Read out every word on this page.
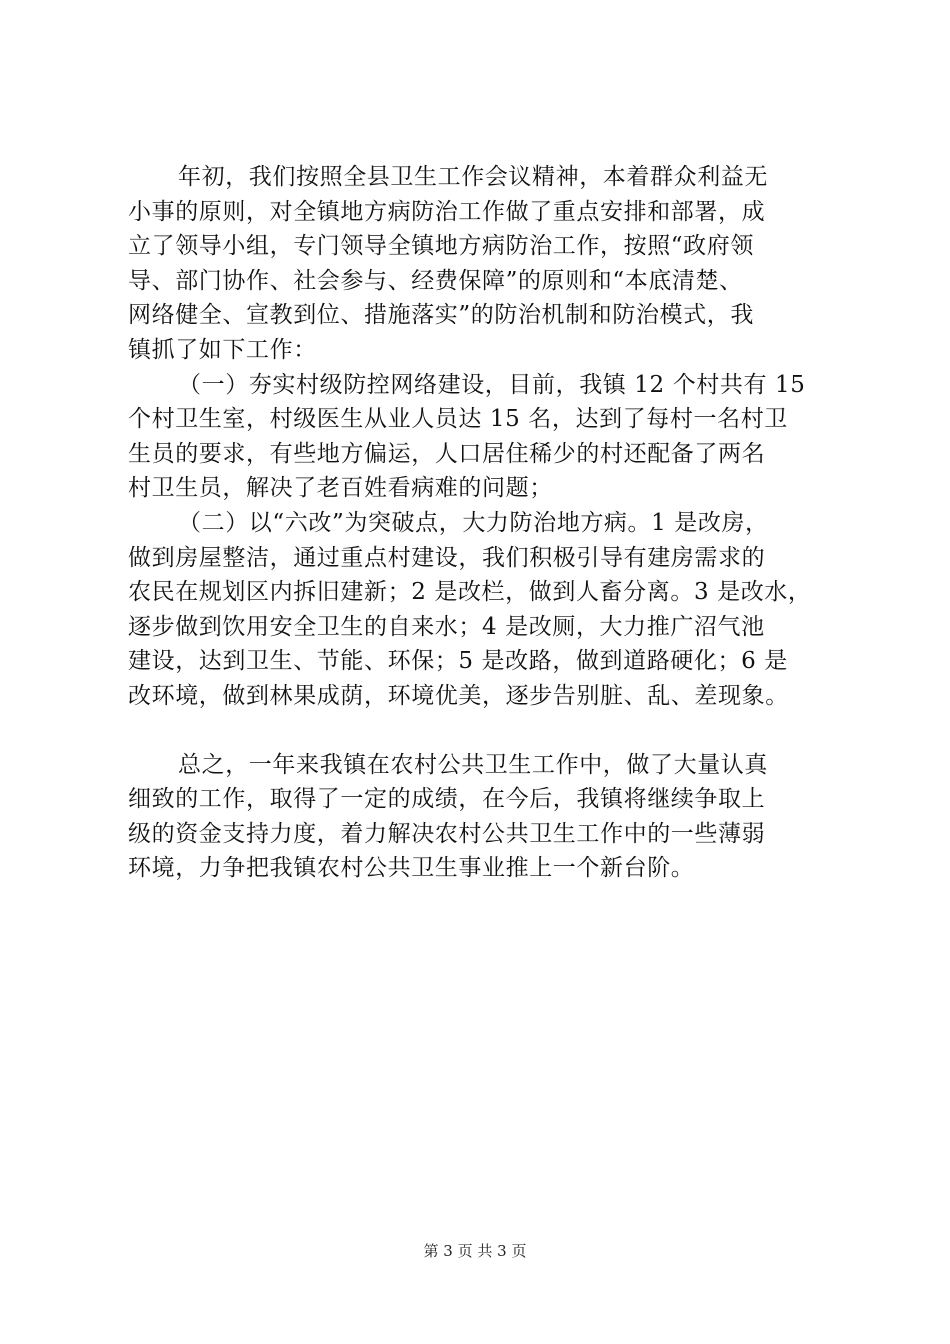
年初，我们按照全县卫生工作会议精神，本着群众利益无
小事的原则，对全镇地方病防治工作做了重点安排和部署，成
立了领导小组，专门领导全镇地方病防治工作，按照“政府领
导、部门协作、社会参与、经费保障”的原则和“本底清楚、
网络健全、宣教到位、措施落实”的防治机制和防治模式，我
镇抓了如下工作：
（一）夯实村级防控网络建设，目前，我镇 12 个村共有 15
个村卫生室，村级医生从业人员达 15 名，达到了每村一名村卫
生员的要求，有些地方偏运，人口居住稀少的村还配备了两名
村卫生员，解决了老百姓看病难的问题；
（二）以“六改”为突破点，大力防治地方病。1 是改房，
做到房屋整洁，通过重点村建设，我们积极引导有建房需求的
农民在规划区内拆旧建新；2 是改栏，做到人畜分离。3 是改水，
逐步做到饮用安全卫生的自来水；4 是改厕，大力推广沼气池
建设，达到卫生、节能、环保；5 是改路，做到道路硬化；6 是
改环境，做到林果成荫，环境优美，逐步告别脏、乱、差现象。
总之，一年来我镇在农村公共卫生工作中，做了大量认真
细致的工作，取得了一定的成绩，在今后，我镇将继续争取上
级的资金支持力度，着力解决农村公共卫生工作中的一些薄弱
环境，力争把我镇农村公共卫生事业推上一个新台阶。
第 3 页 共 3 页
